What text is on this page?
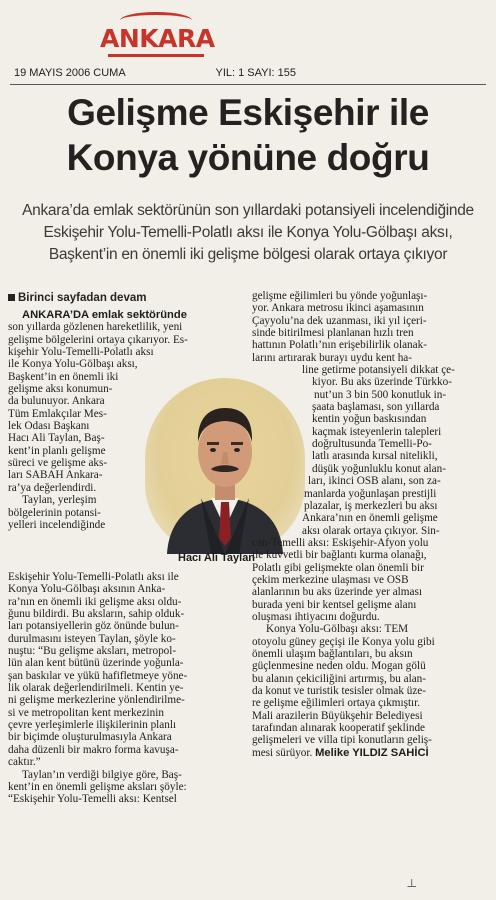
ANKARA
19 MAYIS 2006 CUMA	YIL: 1 SAYI: 155
Gelişme Eskişehir ile
Konya yönüne doğru
Ankara’da emlak sektörünün son yıllardaki potansiyeli incelendiğinde
Eskişehir Yolu-Temelli-Polatlı aksı ile Konya Yolu-Gölbaşı aksı,
Başkent’in en önemli iki gelişme bölgesi olarak ortaya çıkıyor
Birinci sayfadan devam
ANKARA’DA emlak sektöründe
son yıllarda gözlenen hareketlilik, yeni
gelişme bölgelerini ortaya çıkarıyor. Es-
kişehir Yolu-Temelli-Polatlı aksı
ile Konya Yolu-Gölbaşı aksı,
Başkent’in en önemli iki
gelişme aksı konumun-
da bulunuyor. Ankara
Tüm Emlakçılar Mes-
lek Odası Başkanı
Hacı Ali Taylan, Baş-
kent’in planlı gelişme
süreci ve gelişme aks-
ları SABAH Ankara-
ra’ya değerlendirdi.
Taylan, yerleşim
bölgelerinin potansi-
yelleri incelendiğinde
Hacı Ali Taylan
Eskişehir Yolu-Temelli-Polatlı aksı ile
Konya Yolu-Gölbaşı aksının Anka-
ra’nın en önemli iki gelişme aksı oldu-
ğunu bildirdi. Bu aksların, sahip olduk-
ları potansiyellerin göz önünde bulun-
durulmasını isteyen Taylan, şöyle ko-
nuştu: “Bu gelişme aksları, metropol-
lün alan kent bütünü üzerinde yoğunla-
şan baskılar ve yükü hafifletmeye yöne-
lik olarak değerlendirilmeli. Kentin ye-
ni gelişme merkezlerine yönlendirilme-
si ve metropolitan kent merkezinin
çevre yerleşimlerle ilişkilerinin planlı
bir biçimde oluşturulmasıyla Ankara
daha düzenli bir makro forma kavuşa-
caktır.”
Taylan’ın verdiği bilgiye göre, Baş-
kent’in en önemli gelişme aksları şöyle:
“Eskişehir Yolu-Temelli aksı: Kentsel
gelişme eğilimleri bu yönde yoğunlaşı-
yor. Ankara metrosu ikinci aşamasının
Çayyolu’na dek uzanması, iki yıl içeri-
sinde bitirilmesi planlanan hızlı tren
hattının Polatlı’nın erişebilirlik olanak-
larını artırarak burayı uydu kent ha-
line getirme potansiyeli dikkat çe-
kiyor. Bu aks üzerinde Türkko-
nut’un 3 bin 500 konutluk in-
şaata başlaması, son yıllarda
kentin yoğun baskısından
kaçmak isteyenlerin talepleri
doğrultusunda Temelli-Po-
latlı arasında kırsal nitelikli,
düşük yoğunluklu konut alan-
ları, ikinci OSB alanı, son za-
manlarda yoğunlaşan prestijli
plazalar, iş merkezleri bu aksı
Ankara’nın en önemli gelişme
aksı olarak ortaya çıkıyor. Sin-
can-Temelli aksı: Eskişehir-Afyon yolu
ile kuvvetli bir bağlantı kurma olanağı,
Polatlı gibi gelişmekte olan önemli bir
çekim merkezine ulaşması ve OSB
alanlarının bu aks üzerinde yer alması
burada yeni bir kentsel gelişme alanı
oluşması ihtiyacını doğurdu.
Konya Yolu-Gölbaşı aksı: TEM
otoyolu güney geçişi ile Konya yolu gibi
önemli ulaşım bağlantıları, bu aksın
güçlenmesine neden oldu. Mogan gölü
bu alanın çekiciliğini artırmış, bu alan-
da konut ve turistik tesisler olmak üze-
re gelişme eğilimleri ortaya çıkmıştır.
Mali arazilerin Büyükşehir Belediyesi
tarafından alınarak kooperatif şeklinde
gelişmeleri ve villa tipi konutların geliş-
mesi sürüyor. Melike YILDIZ SAHİCİ
┴
